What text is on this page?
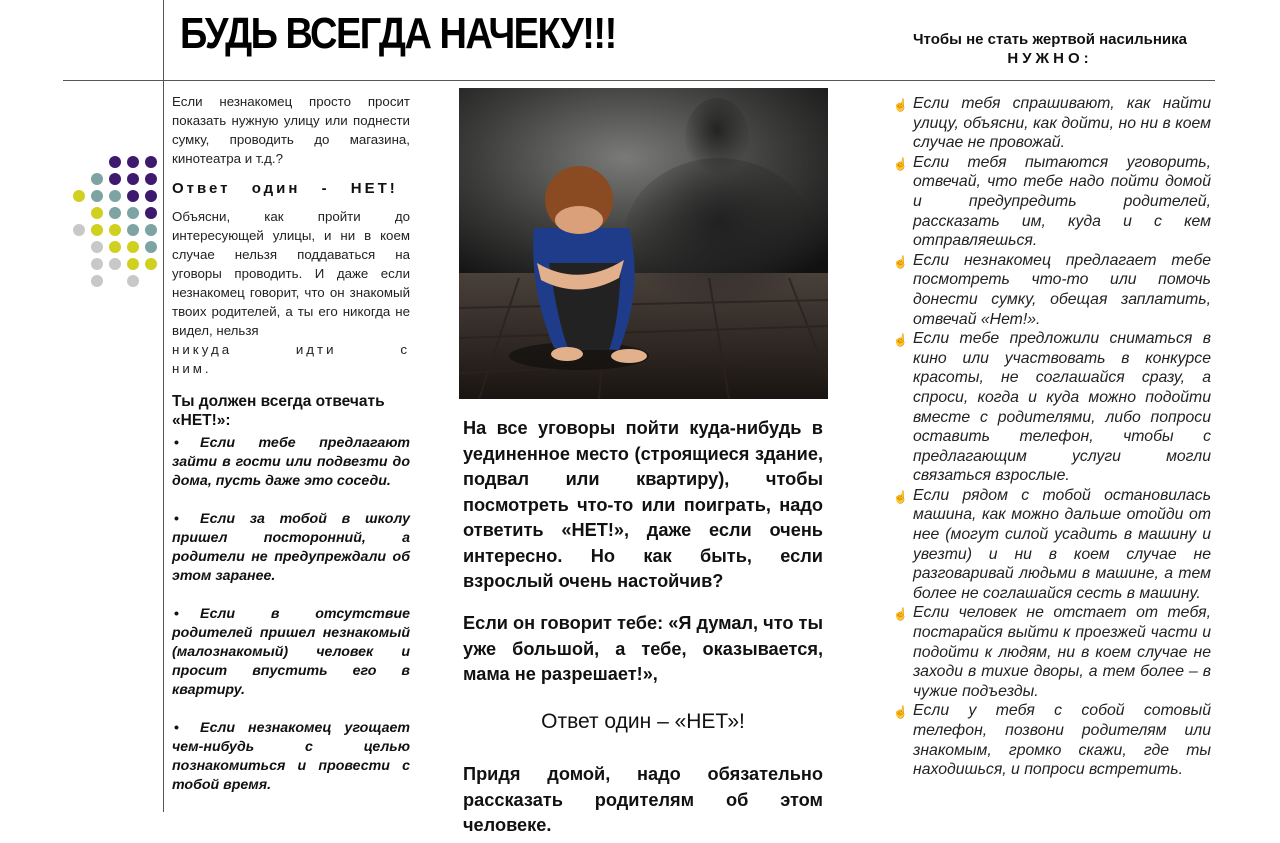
БУДЬ ВСЕГДА НАЧЕКУ!!!	Чтобы не стать жертвой насильника
НУЖНО:

Если незнакомец просто просит показать нужную улицу или поднести сумку, проводить до магазина, кинотеатра и т.д.?

Ответ один - НЕТ!

Объясни, как пройти до интересующей улицы, и ни в коем случае нельзя поддаваться на уговоры проводить. И даже если незнакомец говорит, что он знакомый твоих родителей, а ты его никогда не видел, нельзя

никуда идти с ним.

Ты должен всегда отвечать «НЕТ!»:

• Если тебе предлагают зайти в гости или подвезти до дома, пусть даже это соседи.

• Если за тобой в школу пришел посторонний, а родители не предупреждали об этом заранее.

• Если в отсутствие родителей пришел незнакомый (малознакомый) человек и просит впустить его в квартиру.

• Если незнакомец угощает чем-нибудь с целью познакомиться и провести с тобой время.

На все уговоры пойти куда-нибудь в уединенное место (строящиеся здание, подвал или квартиру), чтобы посмотреть что-то или поиграть, надо ответить «НЕТ!», даже если очень интересно. Но как быть, если взрослый очень настойчив?

Если он говорит тебе: «Я думал, что ты уже большой, а тебе, оказывается, мама не разрешает!»,

Ответ один – «НЕТ»!

Придя домой, надо обязательно рассказать родителям об этом человеке.

☝ Если тебя спрашивают, как найти улицу, объясни, как дойти, но ни в коем случае не провожай.

☝ Если тебя пытаются уговорить, отвечай, что тебе надо пойти домой и предупредить родителей, рассказать им, куда и с кем отправляешься.

☝ Если незнакомец предлагает тебе посмотреть что-то или помочь донести сумку, обещая заплатить, отвечай «Нет!».

☝ Если тебе предложили сниматься в кино или участвовать в конкурсе красоты, не соглашайся сразу, а спроси, когда и куда можно подойти вместе с родителями, либо попроси оставить телефон, чтобы с предлагающим услуги могли связаться взрослые.

☝ Если рядом с тобой остановилась машина, как можно дальше отойди от нее (могут силой усадить в машину и увезти) и ни в коем случае не разговаривай людьми в машине, а тем более не соглашайся сесть в машину.

☝ Если человек не отстает от тебя, постарайся выйти к проезжей части и подойти к людям, ни в коем случае не заходи в тихие дворы, а тем более – в чужие подъезды.

☝ Если у тебя с собой сотовый телефон, позвони родителям или знакомым, громко скажи, где ты находишься, и попроси встретить.
